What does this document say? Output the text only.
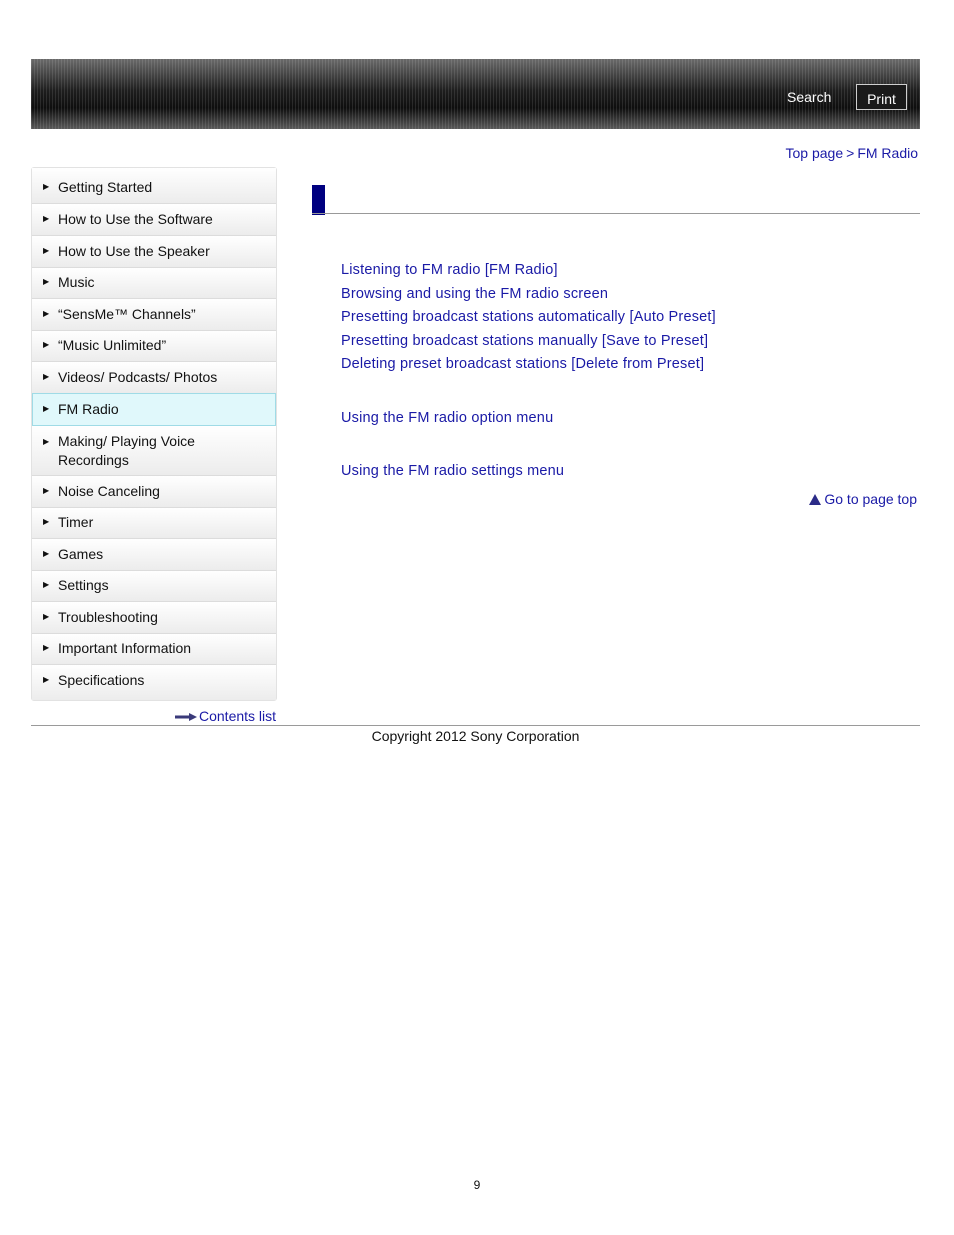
Search	Print
Top page > FM Radio
▶ Getting Started
▶ How to Use the Software
▶ How to Use the Speaker
▶ Music
▶ “SensMe™ Channels”
▶ “Music Unlimited”
▶ Videos/ Podcasts/ Photos
▶ FM Radio
▶ Making/ Playing Voice Recordings
▶ Noise Canceling
▶ Timer
▶ Games
▶ Settings
▶ Troubleshooting
▶ Important Information
▶ Specifications
Contents list
Listening to FM radio [FM Radio]
Browsing and using the FM radio screen
Presetting broadcast stations automatically [Auto Preset]
Presetting broadcast stations manually [Save to Preset]
Deleting preset broadcast stations [Delete from Preset]
Using the FM radio option menu
Using the FM radio settings menu
Go to page top
Copyright 2012 Sony Corporation
9
